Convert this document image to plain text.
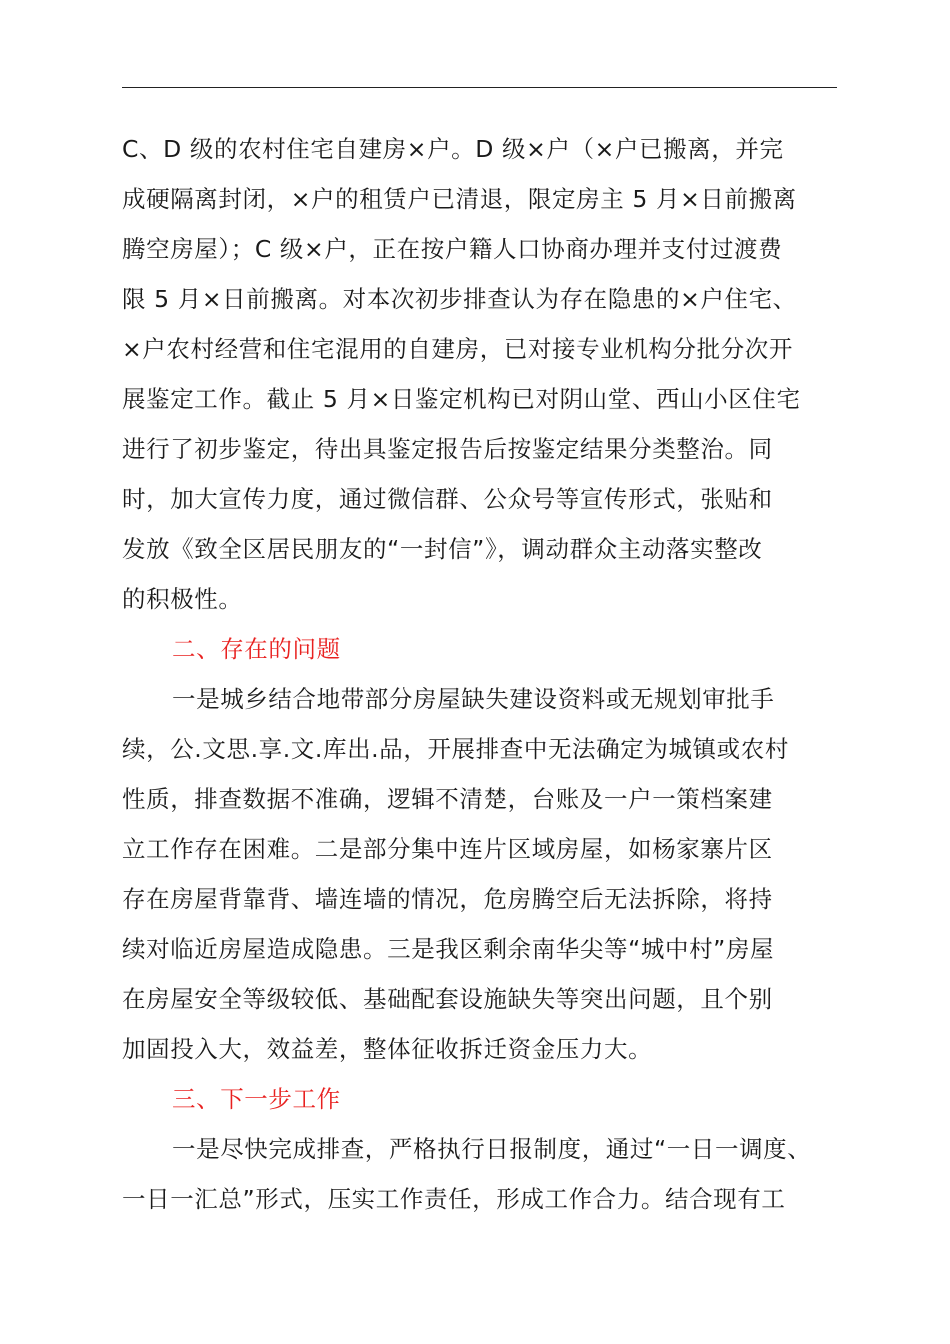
C、D 级的农村住宅自建房×户。D 级×户（×户已搬离，并完
成硬隔离封闭，×户的租赁户已清退，限定房主 5 月×日前搬离
腾空房屋）；C 级×户，正在按户籍人口协商办理并支付过渡费
限 5 月×日前搬离。对本次初步排查认为存在隐患的×户住宅、
×户农村经营和住宅混用的自建房，已对接专业机构分批分次开
展鉴定工作。截止 5 月×日鉴定机构已对阴山堂、西山小区住宅
进行了初步鉴定，待出具鉴定报告后按鉴定结果分类整治。同
时，加大宣传力度，通过微信群、公众号等宣传形式，张贴和
发放《致全区居民朋友的“一封信”》，调动群众主动落实整改
的积极性。
二、存在的问题
一是城乡结合地带部分房屋缺失建设资料或无规划审批手
续，公.文思.享.文.库出.品，开展排查中无法确定为城镇或农村
性质，排查数据不准确，逻辑不清楚，台账及一户一策档案建
立工作存在困难。二是部分集中连片区域房屋，如杨家寨片区
存在房屋背靠背、墙连墙的情况，危房腾空后无法拆除，将持
续对临近房屋造成隐患。三是我区剩余南华尖等“城中村”房屋
在房屋安全等级较低、基础配套设施缺失等突出问题，且个别
加固投入大，效益差，整体征收拆迁资金压力大。
三、下一步工作
一是尽快完成排查，严格执行日报制度，通过“一日一调度、
一日一汇总”形式，压实工作责任，形成工作合力。结合现有工
